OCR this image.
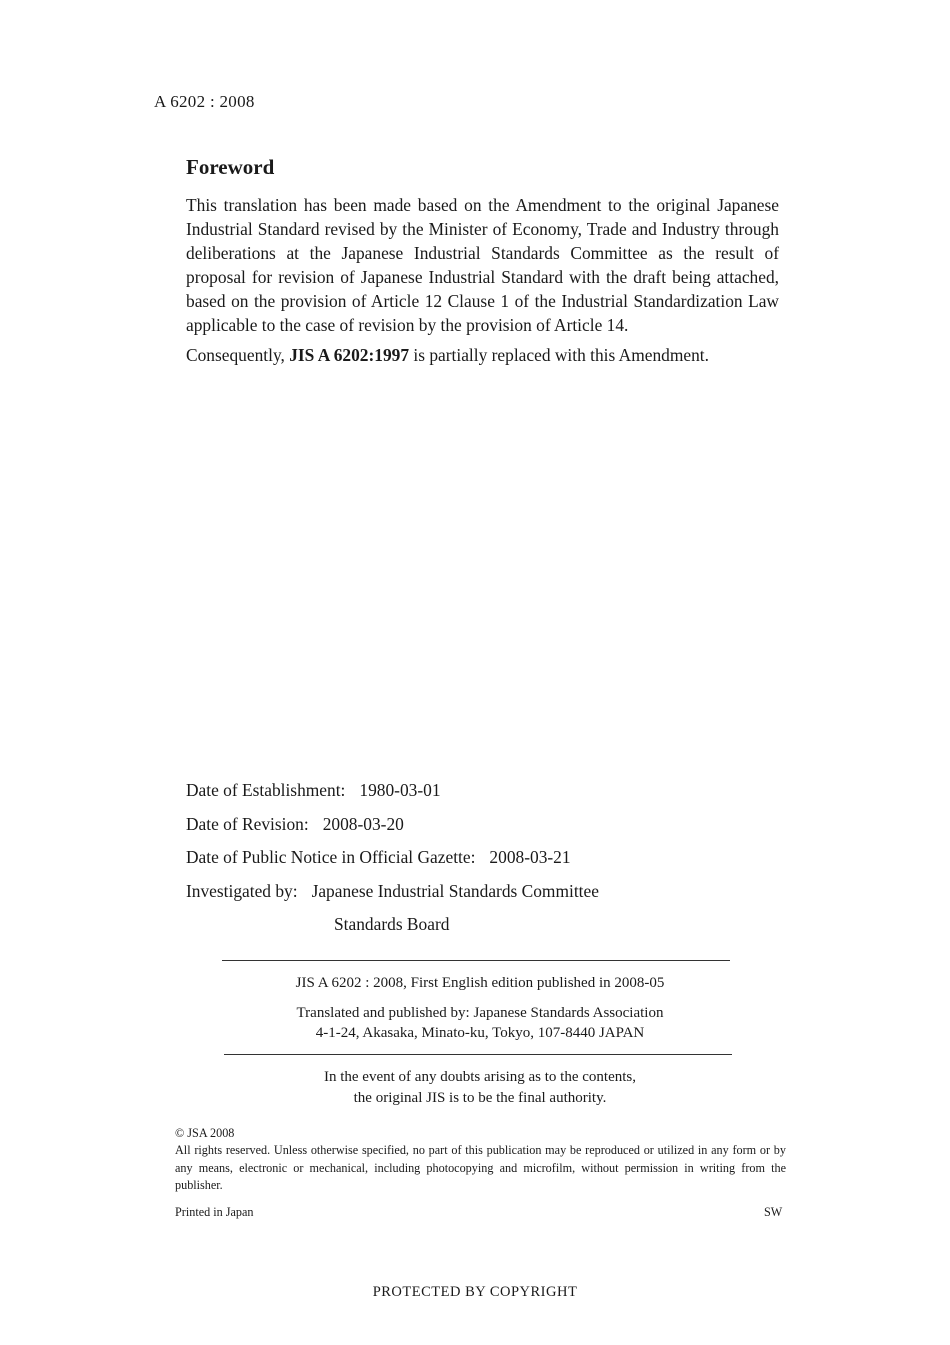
A 6202 : 2008
Foreword

This translation has been made based on the Amendment to the original Japanese Industrial Standard revised by the Minister of Economy, Trade and Industry through deliberations at the Japanese Industrial Standards Committee as the result of proposal for revision of Japanese Industrial Standard with the draft being attached, based on the provision of Article 12 Clause 1 of the Industrial Standardization Law applicable to the case of revision by the provision of Article 14.

Consequently, JIS A 6202:1997 is partially replaced with this Amendment.

Date of Establishment: 1980-03-01
Date of Revision: 2008-03-20
Date of Public Notice in Official Gazette: 2008-03-21
Investigated by: Japanese Industrial Standards Committee
Standards Board

JIS A 6202 : 2008, First English edition published in 2008-05

Translated and published by: Japanese Standards Association

4-1-24, Akasaka, Minato-ku, Tokyo, 107-8440 JAPAN

In the event of any doubts arising as to the contents,
the original JIS is to be the final authority.
© JSA 2008
All rights reserved. Unless otherwise specified, no part of this publication may be reproduced or utilized in any form or by any means, electronic or mechanical, including photocopying and microfilm, without permission in writing from the publisher.
Printed in Japan	SW
PROTECTED BY COPYRIGHT
